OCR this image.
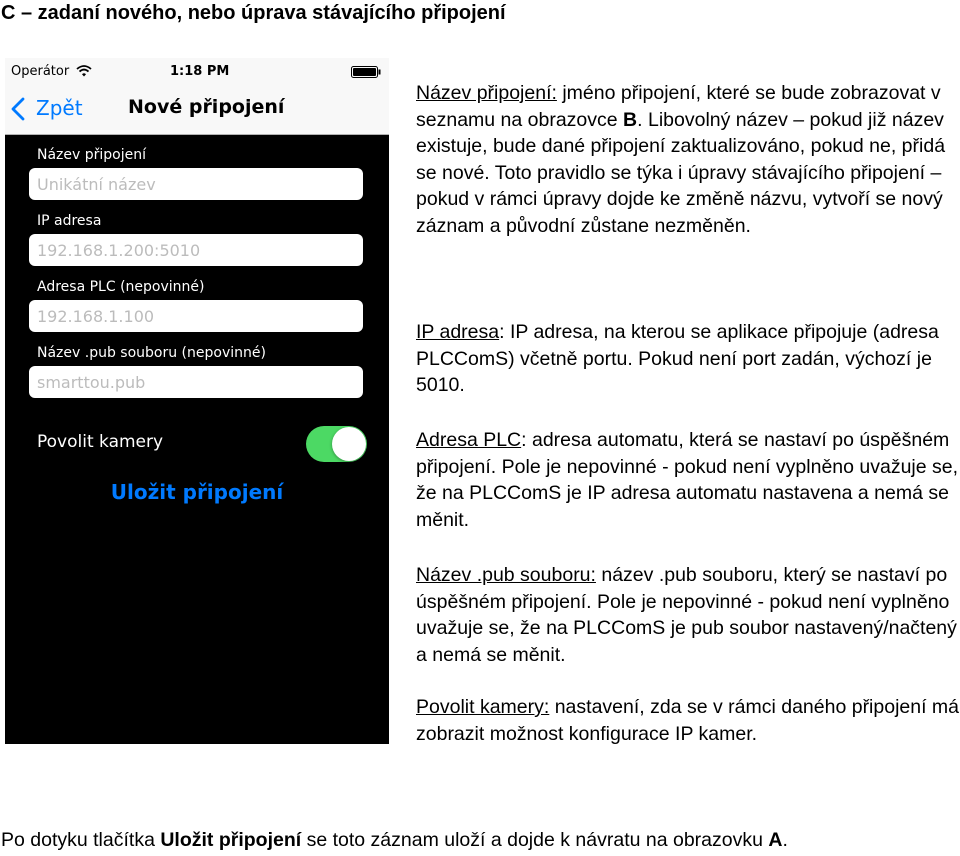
C – zadaní nového, nebo úprava stávajícího připojení
Operátor	1:18 PM
Zpět Nové připojení
Název připojení
Unikátní název
IP adresa
192.168.1.200:5010
Adresa PLC (nepovinné)
192.168.1.100
Název .pub souboru (nepovinné)
smarttou.pub
Povolit kamery
Uložit připojení

Název připojení: jméno připojení, které se bude zobrazovat v seznamu na obrazovce B. Libovolný název – pokud již název existuje, bude dané připojení zaktualizováno, pokud ne, přidá se nové. Toto pravidlo se týka i úpravy stávajícího připojení – pokud v rámci úpravy dojde ke změně názvu, vytvoří se nový záznam a původní zůstane nezměněn.

IP adresa: IP adresa, na kterou se aplikace připojuje (adresa PLCComS) včetně portu. Pokud není port zadán, výchozí je 5010.

Adresa PLC: adresa automatu, která se nastaví po úspěšném připojení. Pole je nepovinné - pokud není vyplněno uvažuje se, že na PLCComS je IP adresa automatu nastavena a nemá se měnit.

Název .pub souboru: název .pub souboru, který se nastaví po úspěšném připojení. Pole je nepovinné - pokud není vyplněno uvažuje se, že na PLCComS je pub soubor nastavený/načtený a nemá se měnit.

Povolit kamery: nastavení, zda se v rámci daného připojení má zobrazit možnost konfigurace IP kamer.

Po dotyku tlačítka Uložit připojení se toto záznam uloží a dojde k návratu na obrazovku A.
